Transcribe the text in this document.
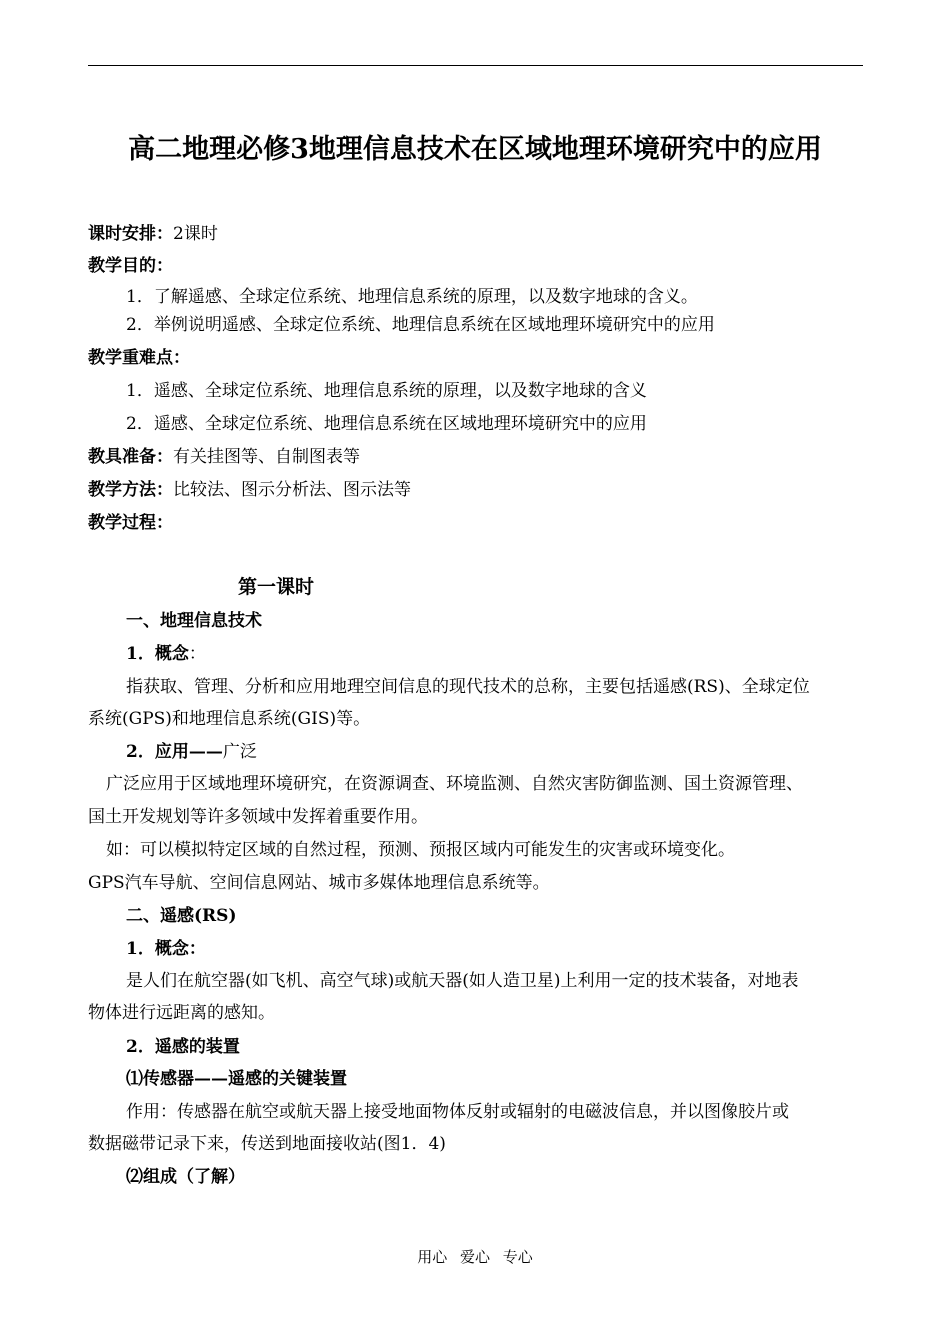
高二地理必修3地理信息技术在区域地理环境研究中的应用
课时安排：2课时
教学目的：
1．了解遥感、全球定位系统、地理信息系统的原理，以及数字地球的含义。
2．举例说明遥感、全球定位系统、地理信息系统在区域地理环境研究中的应用
教学重难点：
1．遥感、全球定位系统、地理信息系统的原理，以及数字地球的含义
2．遥感、全球定位系统、地理信息系统在区域地理环境研究中的应用
教具准备：有关挂图等、自制图表等
教学方法：比较法、图示分析法、图示法等
教学过程：
第一课时
一、地理信息技术
1．概念：
指获取、管理、分析和应用地理空间信息的现代技术的总称，主要包括遥感(RS)、全球定位
系统(GPS)和地理信息系统(GIS)等。
2．应用——广泛
广泛应用于区域地理环境研究，在资源调查、环境监测、自然灾害防御监测、国土资源管理、
国土开发规划等许多领域中发挥着重要作用。
如：可以模拟特定区域的自然过程，预测、预报区域内可能发生的灾害或环境变化。
GPS汽车导航、空间信息网站、城市多媒体地理信息系统等。
二、遥感(RS)
1．概念：
是人们在航空器(如飞机、高空气球)或航天器(如人造卫星)上利用一定的技术装备，对地表
物体进行远距离的感知。
2．遥感的装置
⑴传感器——遥感的关键装置
作用：传感器在航空或航天器上接受地面物体反射或辐射的电磁波信息，并以图像胶片或
数据磁带记录下来，传送到地面接收站(图1．4)
⑵组成（了解）
用心 爱心 专心
